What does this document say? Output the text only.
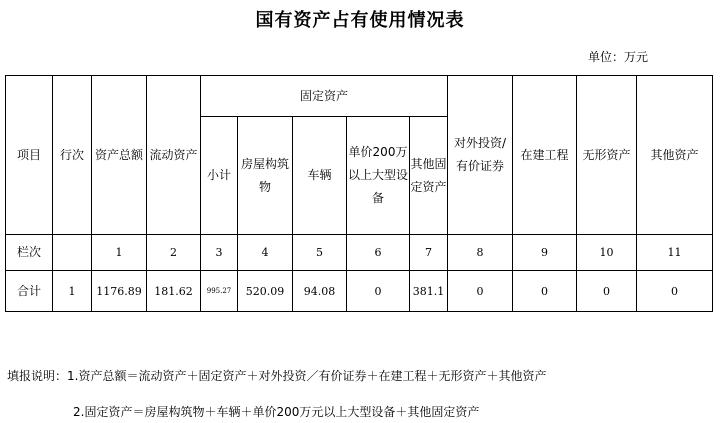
国有资产占有使用情况表
单位：万元
项目	行次	资产总额	流动资产	固定资产					对外投资/有价证券	在建工程	无形资产	其他资产
				小计	房屋构筑物	车辆	单价200万以上大型设备	其他固定资产				
栏次		1	2	3	4	5	6	7	8	9	10	11
合计	1	1176.89	181.62	995.27	520.09	94.08	0	381.1	0	0	0	0
填报说明：1.资产总额＝流动资产＋固定资产＋对外投资／有价证券＋在建工程＋无形资产＋其他资产
2.固定资产＝房屋构筑物＋车辆＋单价200万元以上大型设备＋其他固定资产
